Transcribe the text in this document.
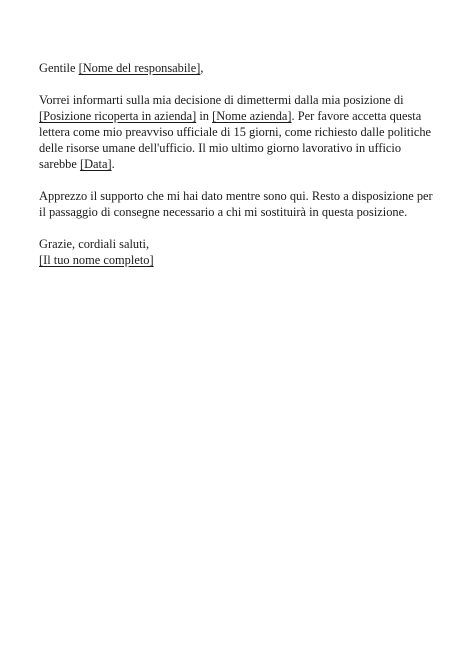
Gentile [Nome del responsabile],

Vorrei informarti sulla mia decisione di dimettermi dalla mia posizione di
[Posizione ricoperta in azienda] in [Nome azienda]. Per favore accetta questa
lettera come mio preavviso ufficiale di 15 giorni, come richiesto dalle politiche
delle risorse umane dell'ufficio. Il mio ultimo giorno lavorativo in ufficio
sarebbe [Data].

Apprezzo il supporto che mi hai dato mentre sono qui. Resto a disposizione per
il passaggio di consegne necessario a chi mi sostituirà in questa posizione.

Grazie, cordiali saluti,
[Il tuo nome completo]
